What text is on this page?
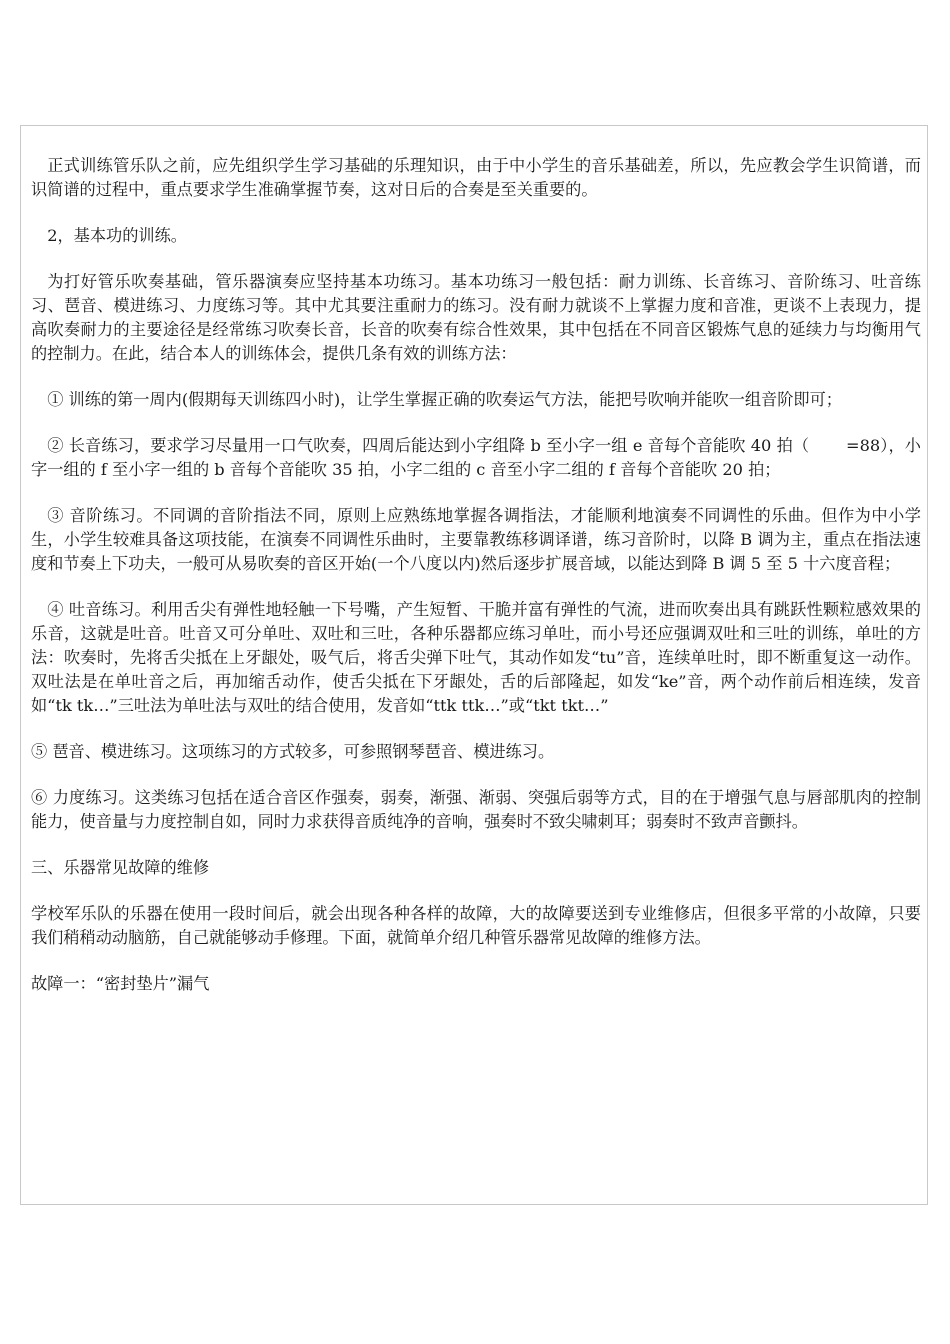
正式训练管乐队之前，应先组织学生学习基础的乐理知识，由于中小学生的音乐基础差，所以，先应教会学生识简谱，而识简谱的过程中，重点要求学生准确掌握节奏，这对日后的合奏是至关重要的。

2，基本功的训练。

为打好管乐吹奏基础，管乐器演奏应坚持基本功练习。基本功练习一般包括：耐力训练、长音练习、音阶练习、吐音练习、琶音、模进练习、力度练习等。其中尤其要注重耐力的练习。没有耐力就谈不上掌握力度和音准，更谈不上表现力，提高吹奏耐力的主要途径是经常练习吹奏长音，长音的吹奏有综合性效果，其中包括在不同音区锻炼气息的延续力与均衡用气的控制力。在此，结合本人的训练体会，提供几条有效的训练方法：

① 训练的第一周内(假期每天训练四小时)，让学生掌握正确的吹奏运气方法，能把号吹响并能吹一组音阶即可；

② 长音练习，要求学习尽量用一口气吹奏，四周后能达到小字组降 b 至小字一组 e 音每个音能吹 40 拍（       =88），小字一组的 f 至小字一组的 b 音每个音能吹 35 拍，小字二组的 c 音至小字二组的 f 音每个音能吹 20 拍；

③ 音阶练习。不同调的音阶指法不同，原则上应熟练地掌握各调指法，才能顺利地演奏不同调性的乐曲。但作为中小学生，小学生较难具备这项技能，在演奏不同调性乐曲时，主要靠教练移调译谱，练习音阶时，以降 B 调为主，重点在指法速度和节奏上下功夫，一般可从易吹奏的音区开始(一个八度以内)然后逐步扩展音域，以能达到降 B 调 5 至 5 十六度音程；

④ 吐音练习。利用舌尖有弹性地轻触一下号嘴，产生短暂、干脆并富有弹性的气流，进而吹奏出具有跳跃性颗粒感效果的乐音，这就是吐音。吐音又可分单吐、双吐和三吐，各种乐器都应练习单吐，而小号还应强调双吐和三吐的训练，单吐的方法：吹奏时，先将舌尖抵在上牙龈处，吸气后，将舌尖弹下吐气，其动作如发“tu”音，连续单吐时，即不断重复这一动作。双吐法是在单吐音之后，再加缩舌动作，使舌尖抵在下牙龈处，舌的后部隆起，如发“ke”音，两个动作前后相连续，发音如“tk tk…”三吐法为单吐法与双吐的结合使用，发音如“ttk ttk…”或“tkt tkt…”

⑤ 琶音、模进练习。这项练习的方式较多，可参照钢琴琶音、模进练习。

⑥ 力度练习。这类练习包括在适合音区作强奏，弱奏，渐强、渐弱、突强后弱等方式，目的在于增强气息与唇部肌肉的控制能力，使音量与力度控制自如，同时力求获得音质纯净的音响，强奏时不致尖啸刺耳；弱奏时不致声音颤抖。

三、乐器常见故障的维修

学校军乐队的乐器在使用一段时间后，就会出现各种各样的故障，大的故障要送到专业维修店，但很多平常的小故障，只要我们稍稍动动脑筋，自己就能够动手修理。下面，就简单介绍几种管乐器常见故障的维修方法。

故障一：“密封垫片”漏气
